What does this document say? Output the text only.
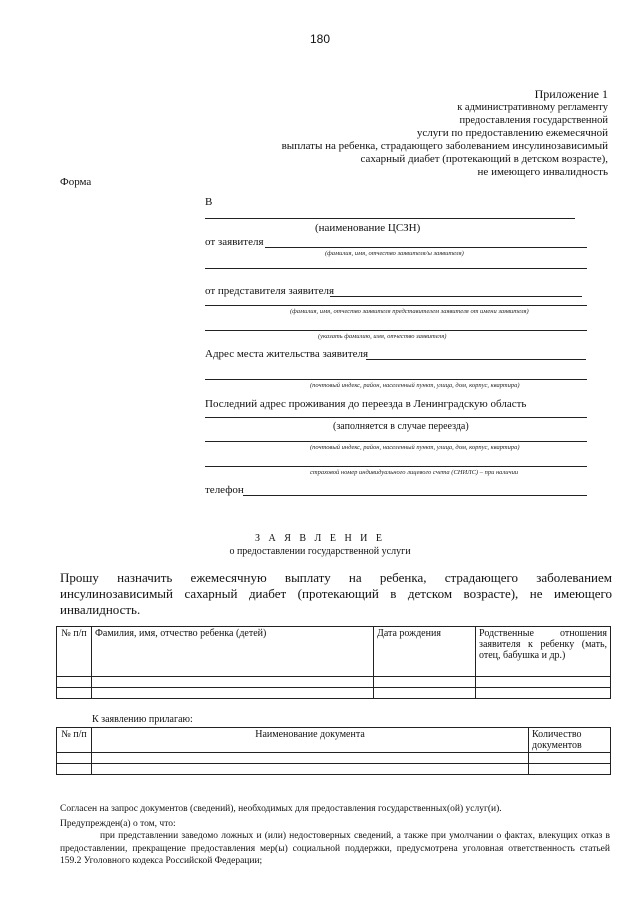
180
Приложение 1
к административному регламенту
предоставления государственной
услуги по предоставлению ежемесячной
выплаты на ребенка, страдающего заболеванием инсулинозависимый
сахарный диабет (протекающий в детском возрасте),
не имеющего инвалидность
Форма
В
(наименование ЦСЗН)
от заявителя
(фамилия, имя, отчество заявителя/ы заявителя)
от представителя заявителя
(фамилия, имя, отчество заявителя представителем заявителя от имени заявителя)
(указать фамилию, имя, отчество заявителя)
Адрес места жительства заявителя
(почтовый индекс, район, населенный пункт, улица, дом, корпус, квартира)
Последний адрес проживания до переезда в Ленинградскую область
(заполняется в случае переезда)
(почтовый индекс, район, населенный пункт, улица, дом, корпус, квартира)
страховой номер индивидуального лицевого счета (СНИЛС) – при наличии
телефон
З А Я В Л Е Н И Е
о предоставлении государственной услуги
Прошу назначить ежемесячную выплату на ребенка, страдающего заболеванием инсулинозависимый сахарный диабет (протекающий в детском возрасте), не имеющего инвалидность.
№ п/п	Фамилия, имя, отчество ребенка (детей)	Дата рождения	Родственные отношения заявителя к ребенку (мать, отец, бабушка и др.)

К заявлению прилагаю:
№ п/п	Наименование документа	Количество документов

Согласен на запрос документов (сведений), необходимых для предоставления государственных(ой) услуг(и).

Предупрежден(а) о том, что:

при представлении заведомо ложных и (или) недостоверных сведений, а также при умолчании о фактах, влекущих отказ в предоставлении, прекращение предоставления мер(ы) социальной поддержки, предусмотрена уголовная ответственность статьей 159.2 Уголовного кодекса Российской Федерации;
